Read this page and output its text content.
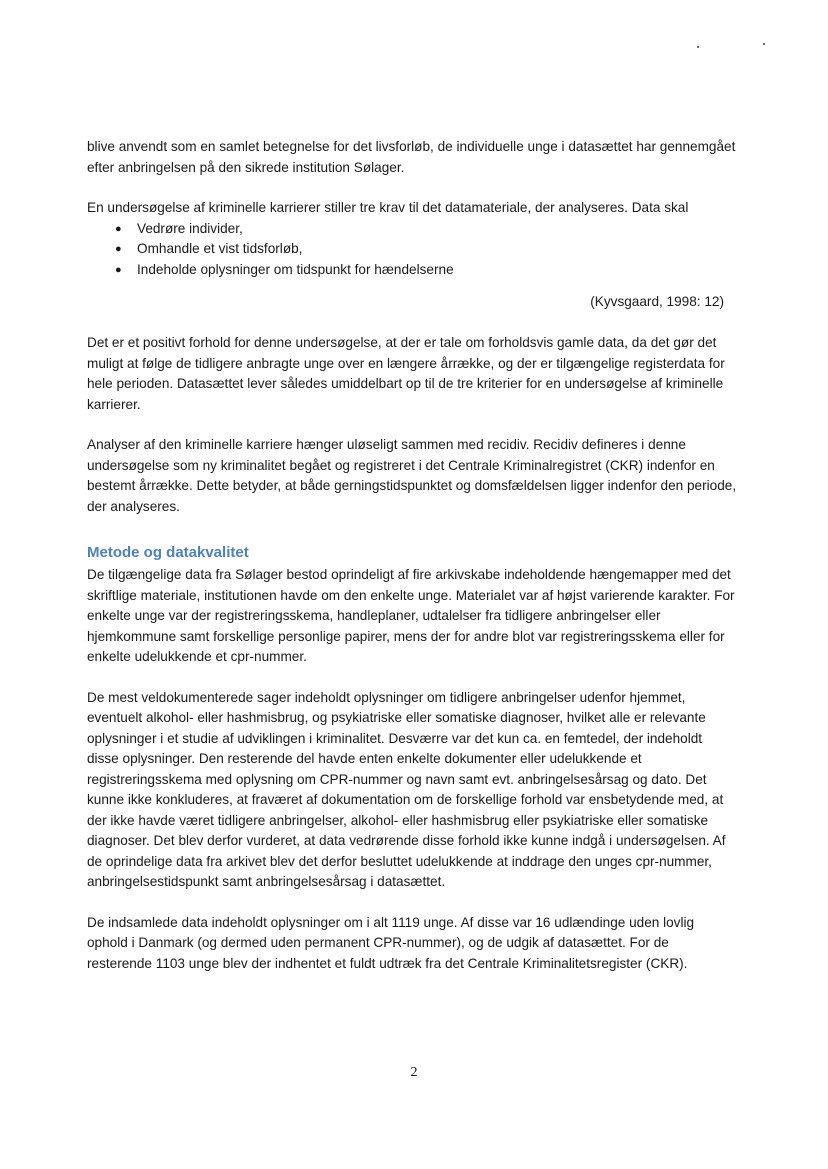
blive anvendt som en samlet betegnelse for det livsforløb, de individuelle unge i datasættet har gennemgået efter anbringelsen på den sikrede institution Sølager.

En undersøgelse af kriminelle karrierer stiller tre krav til det datamateriale, der analyseres. Data skal

● Vedrøre individer,
● Omhandle et vist tidsforløb,
● Indeholde oplysninger om tidspunkt for hændelserne
(Kyvsgaard, 1998: 12)

Det er et positivt forhold for denne undersøgelse, at der er tale om forholdsvis gamle data, da det gør det muligt at følge de tidligere anbragte unge over en længere årrække, og der er tilgængelige registerdata for hele perioden. Datasættet lever således umiddelbart op til de tre kriterier for en undersøgelse af kriminelle karrierer.

Analyser af den kriminelle karriere hænger uløseligt sammen med recidiv. Recidiv defineres i denne undersøgelse som ny kriminalitet begået og registreret i det Centrale Kriminalregistret (CKR) indenfor en bestemt årrække. Dette betyder, at både gerningstidspunktet og domsfældelsen ligger indenfor den periode, der analyseres.

Metode og datakvalitet

De tilgængelige data fra Sølager bestod oprindeligt af fire arkivskabe indeholdende hængemapper med det skriftlige materiale, institutionen havde om den enkelte unge. Materialet var af højst varierende karakter. For enkelte unge var der registreringsskema, handleplaner, udtalelser fra tidligere anbringelser eller hjemkommune samt forskellige personlige papirer, mens der for andre blot var registreringsskema eller for enkelte udelukkende et cpr-nummer.

De mest veldokumenterede sager indeholdt oplysninger om tidligere anbringelser udenfor hjemmet, eventuelt alkohol- eller hashmisbrug, og psykiatriske eller somatiske diagnoser, hvilket alle er relevante oplysninger i et studie af udviklingen i kriminalitet. Desværre var det kun ca. en femtedel, der indeholdt disse oplysninger. Den resterende del havde enten enkelte dokumenter eller udelukkende et registreringsskema med oplysning om CPR-nummer og navn samt evt. anbringelsesårsag og dato. Det kunne ikke konkluderes, at fraværet af dokumentation om de forskellige forhold var ensbetydende med, at der ikke havde været tidligere anbringelser, alkohol- eller hashmisbrug eller psykiatriske eller somatiske diagnoser. Det blev derfor vurderet, at data vedrørende disse forhold ikke kunne indgå i undersøgelsen. Af de oprindelige data fra arkivet blev det derfor besluttet udelukkende at inddrage den unges cpr-nummer, anbringelsestidspunkt samt anbringelsesårsag i datasættet.

De indsamlede data indeholdt oplysninger om i alt 1119 unge. Af disse var 16 udlændinge uden lovlig ophold i Danmark (og dermed uden permanent CPR-nummer), og de udgik af datasættet. For de resterende 1103 unge blev der indhentet et fuldt udtræk fra det Centrale Kriminalitetsregister (CKR).

2
